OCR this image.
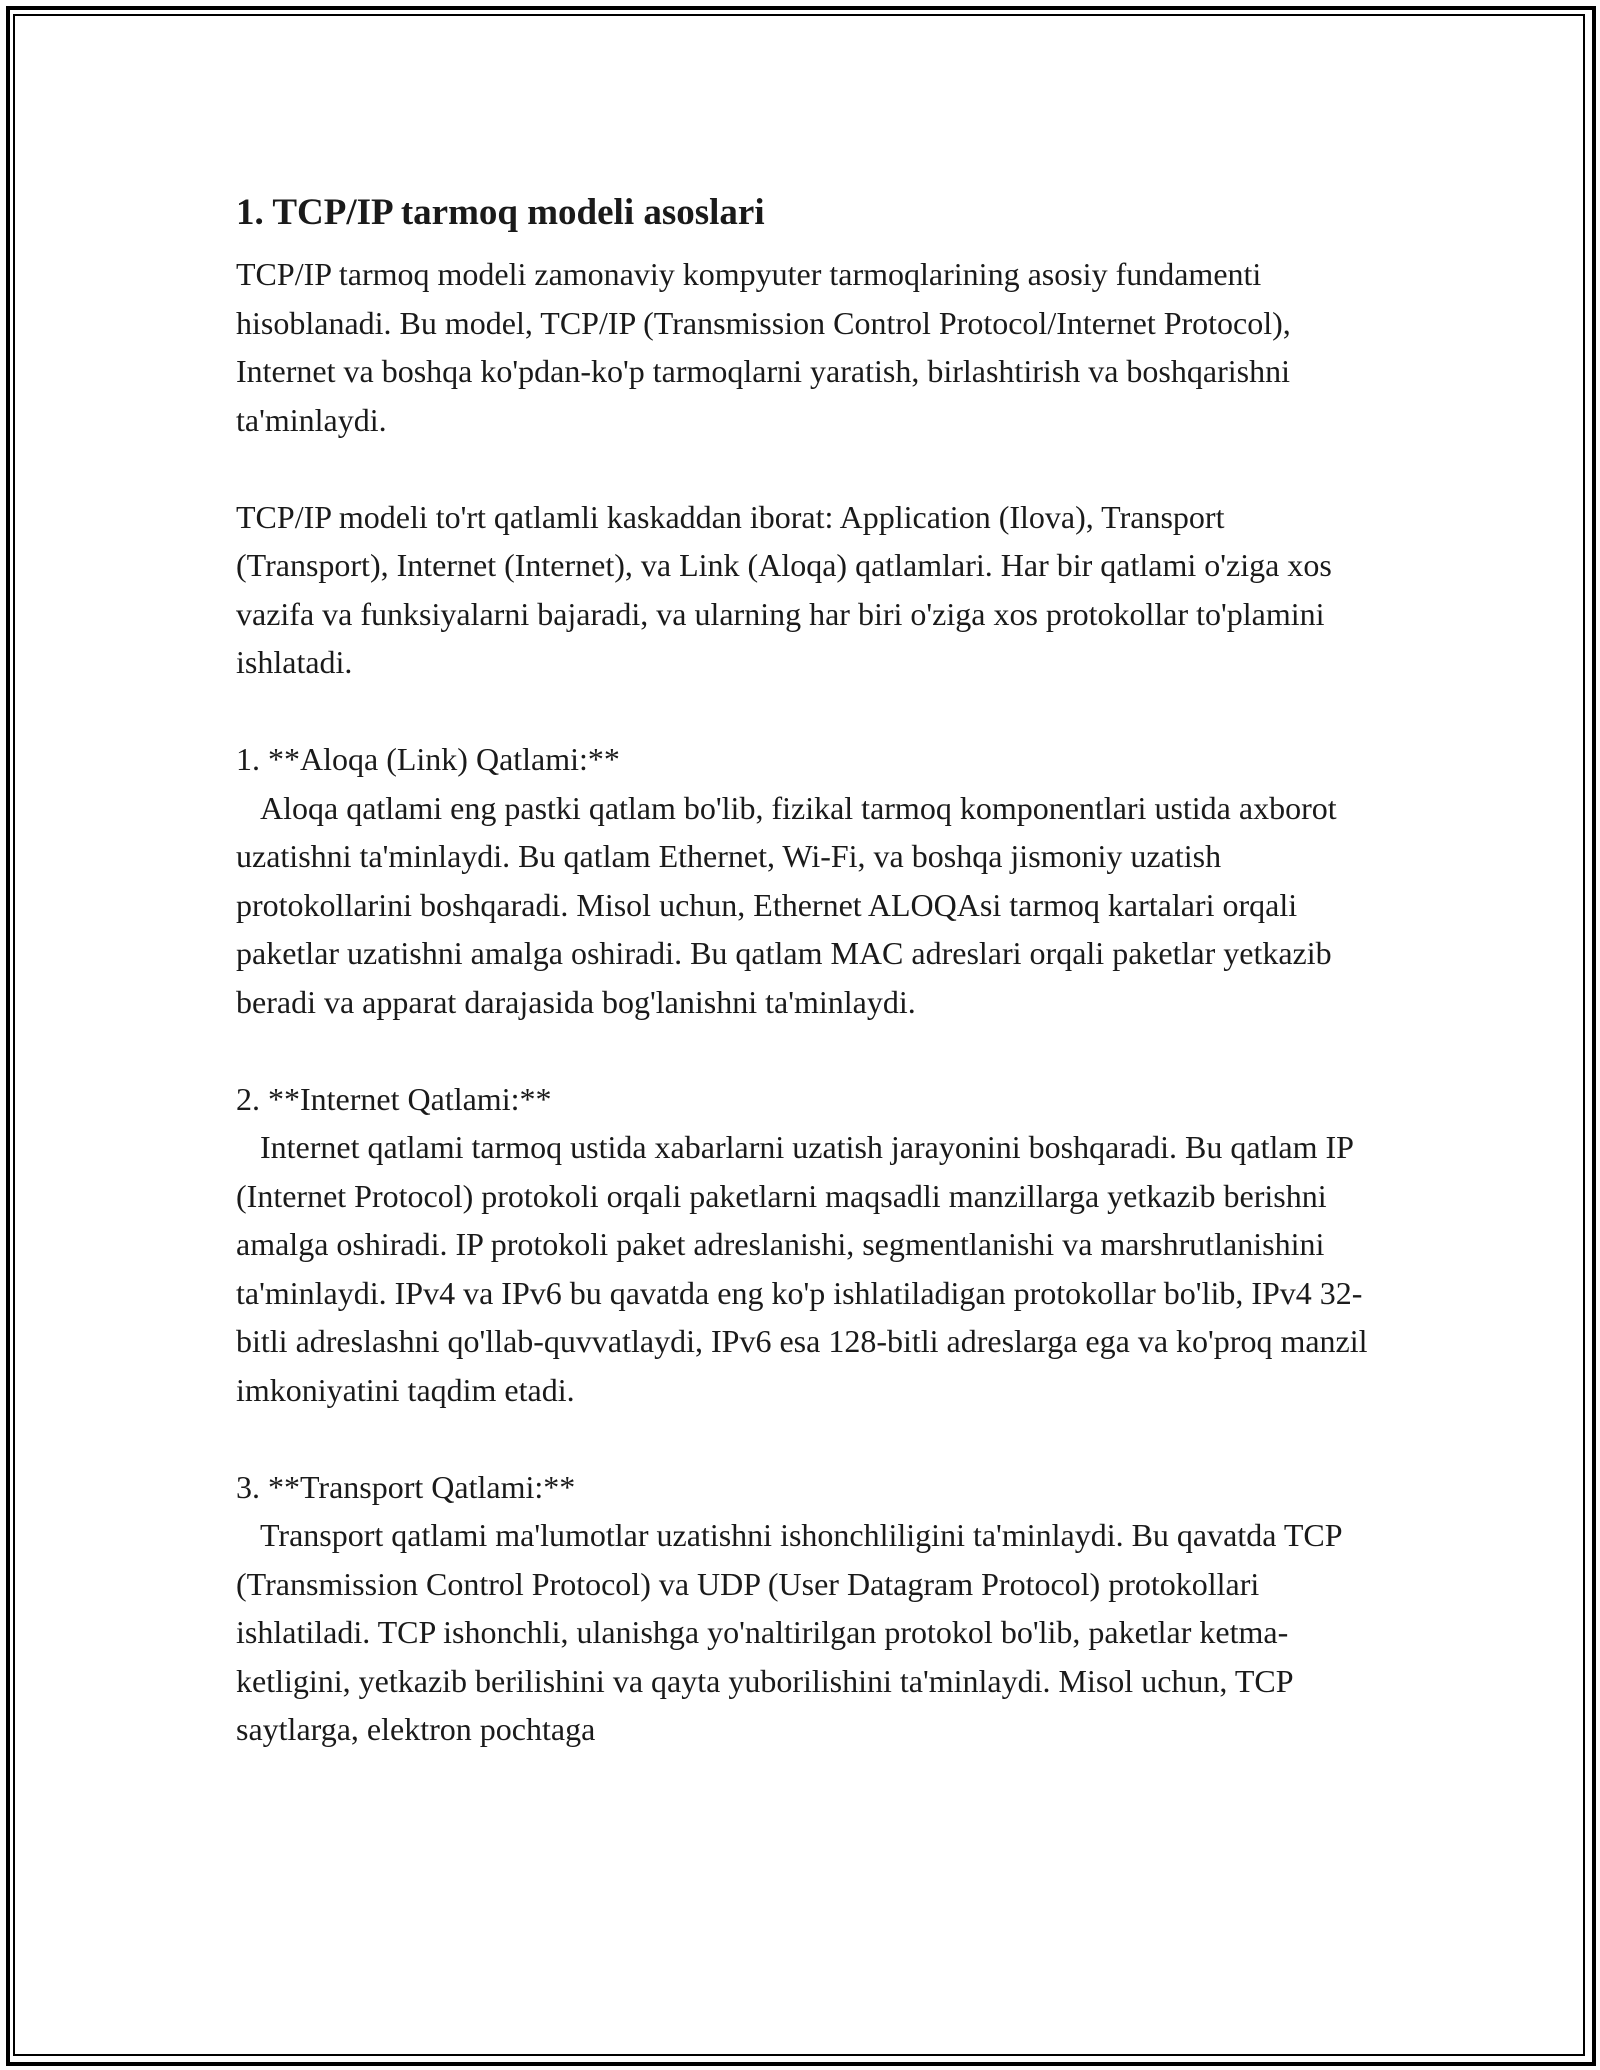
1. TCP/IP tarmoq modeli asoslari

TCP/IP tarmoq modeli zamonaviy kompyuter tarmoqlarining asosiy fundamenti hisoblanadi. Bu model, TCP/IP (Transmission Control Protocol/Internet Protocol), Internet va boshqa ko'pdan-ko'p tarmoqlarni yaratish, birlashtirish va boshqarishni ta'minlaydi.

TCP/IP modeli to'rt qatlamli kaskaddan iborat: Application (Ilova), Transport (Transport), Internet (Internet), va Link (Aloqa) qatlamlari. Har bir qatlami o'ziga xos vazifa va funksiyalarni bajaradi, va ularning har biri o'ziga xos protokollar to'plamini ishlatadi.

1. **Aloqa (Link) Qatlami:**

Aloqa qatlami eng pastki qatlam bo'lib, fizikal tarmoq komponentlari ustida axborot uzatishni ta'minlaydi. Bu qatlam Ethernet, Wi-Fi, va boshqa jismoniy uzatish protokollarini boshqaradi. Misol uchun, Ethernet ALOQAsi tarmoq kartalari orqali paketlar uzatishni amalga oshiradi. Bu qatlam MAC adreslari orqali paketlar yetkazib beradi va apparat darajasida bog'lanishni ta'minlaydi.

2. **Internet Qatlami:**

Internet qatlami tarmoq ustida xabarlarni uzatish jarayonini boshqaradi. Bu qatlam IP (Internet Protocol) protokoli orqali paketlarni maqsadli manzillarga yetkazib berishni amalga oshiradi. IP protokoli paket adreslanishi, segmentlanishi va marshrutlanishini ta'minlaydi. IPv4 va IPv6 bu qavatda eng ko'p ishlatiladigan protokollar bo'lib, IPv4 32-bitli adreslashni qo'llab-quvvatlaydi, IPv6 esa 128-bitli adreslarga ega va ko'proq manzil imkoniyatini taqdim etadi.

3. **Transport Qatlami:**

Transport qatlami ma'lumotlar uzatishni ishonchliligini ta'minlaydi. Bu qavatda TCP (Transmission Control Protocol) va UDP (User Datagram Protocol) protokollari ishlatiladi. TCP ishonchli, ulanishga yo'naltirilgan protokol bo'lib, paketlar ketma-ketligini, yetkazib berilishini va qayta yuborilishini ta'minlaydi. Misol uchun, TCP saytlarga, elektron pochtaga
